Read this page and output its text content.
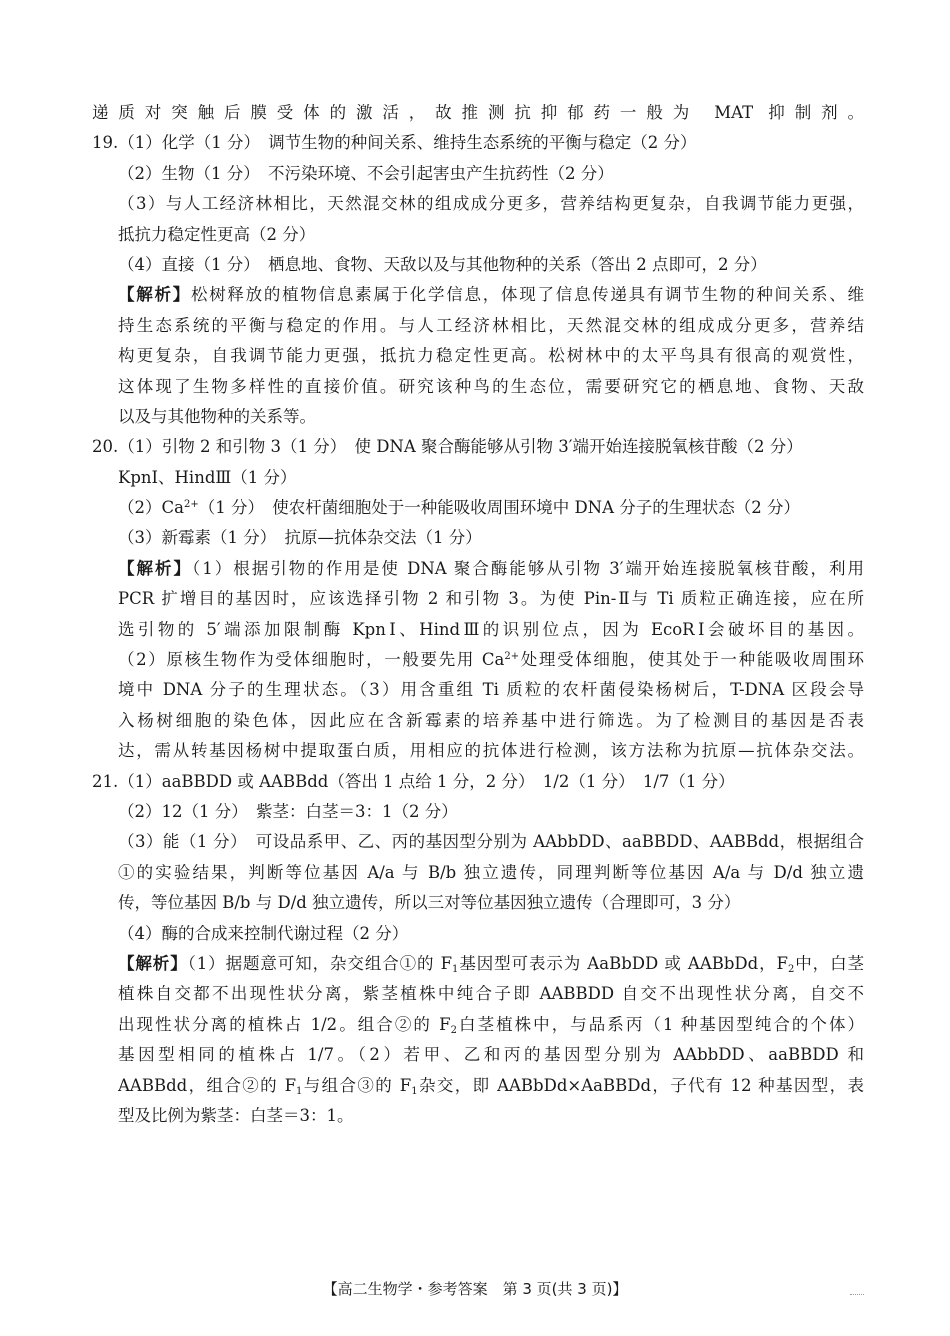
递质对突触后膜受体的激活，故推测抗抑郁药一般为 MAT 抑制剂。
19.（1）化学（1 分）　调节生物的种间关系、维持生态系统的平衡与稳定（2 分）
（2）生物（1 分）　不污染环境、不会引起害虫产生抗药性（2 分）
（3）与人工经济林相比，天然混交林的组成成分更多，营养结构更复杂，自我调节能力更强，
抵抗力稳定性更高（2 分）
（4）直接（1 分）　栖息地、食物、天敌以及与其他物种的关系（答出 2 点即可，2 分）
【解析】松树释放的植物信息素属于化学信息，体现了信息传递具有调节生物的种间关系、维
持生态系统的平衡与稳定的作用。与人工经济林相比，天然混交林的组成成分更多，营养结
构更复杂，自我调节能力更强，抵抗力稳定性更高。松树林中的太平鸟具有很高的观赏性，
这体现了生物多样性的直接价值。研究该种鸟的生态位，需要研究它的栖息地、食物、天敌
以及与其他物种的关系等。
20.（1）引物 2 和引物 3（1 分）　使 DNA 聚合酶能够从引物 3′端开始连接脱氧核苷酸（2 分）
KpnⅠ、HindⅢ（1 分）
$(2)Ca^{2+}(1$ 分）　使农杆菌细胞处于一种能吸收周围环境中 DNA 分子的生理状态（2 分）
（3）新霉素（1 分）　抗原—抗体杂交法（1 分）
【解析】（1）根据引物的作用是使 DNA 聚合酶能够从引物 3′端开始连接脱氧核苷酸，利用
PCR 扩增目的基因时，应该选择引物 2 和引物 3。为使 Pin-Ⅱ与 Ti 质粒正确连接，应在所
选引物的 5′端添加限制酶 KpnⅠ、HindⅢ的识别位点，因为 EcoRⅠ会破坏目的基因。
（2）原核生物作为受体细胞时，一般要先用 $Ca^{2+}$处理受体细胞，使其处于一种能吸收周围环
境中 DNA 分子的生理状态。（3）用含重组 Ti 质粒的农杆菌侵染杨树后，T-DNA 区段会导
入杨树细胞的染色体，因此应在含新霉素的培养基中进行筛选。为了检测目的基因是否表
达，需从转基因杨树中提取蛋白质，用相应的抗体进行检测，该方法称为抗原—抗体杂交法。
21.（1）aaBBDD 或 AABBdd（答出 1 点给 1 分，2 分）　1/2（1 分）　1/7（1 分）
（2）12（1 分）　紫茎：白茎＝3：1（2 分）
（3）能（1 分）　可设品系甲、乙、丙的基因型分别为 AAbbDD、aaBBDD、AABBdd，根据组合
①的实验结果，判断等位基因 A/a 与 B/b 独立遗传，同理判断等位基因 A/a 与 D/d 独立遗
传，等位基因 B/b 与 D/d 独立遗传，所以三对等位基因独立遗传（合理即可，3 分）
（4）酶的合成来控制代谢过程（2 分）
【解析】（1）据题意可知，杂交组合①的 $F_1$基因型可表示为 AaBbDD 或 AABbDd，$F_2$中，白茎
植株自交都不出现性状分离，紫茎植株中纯合子即 AABBDD 自交不出现性状分离，自交不
出现性状分离的植株占 1/2。组合②的 $F_2$白茎植株中，与品系丙（1 种基因型纯合的个体）
基因型相同的植株占 1/7。（2）若甲、乙和丙的基因型分别为 AAbbDD、aaBBDD 和
AABBdd，组合②的 $F_1$与组合③的 $F_1$杂交，即 AABbDd×AaBBDd，子代有 12 种基因型，表
型及比例为紫茎：白茎＝3：1。
【高二生物学・参考答案　第 3 页(共 3 页)】
